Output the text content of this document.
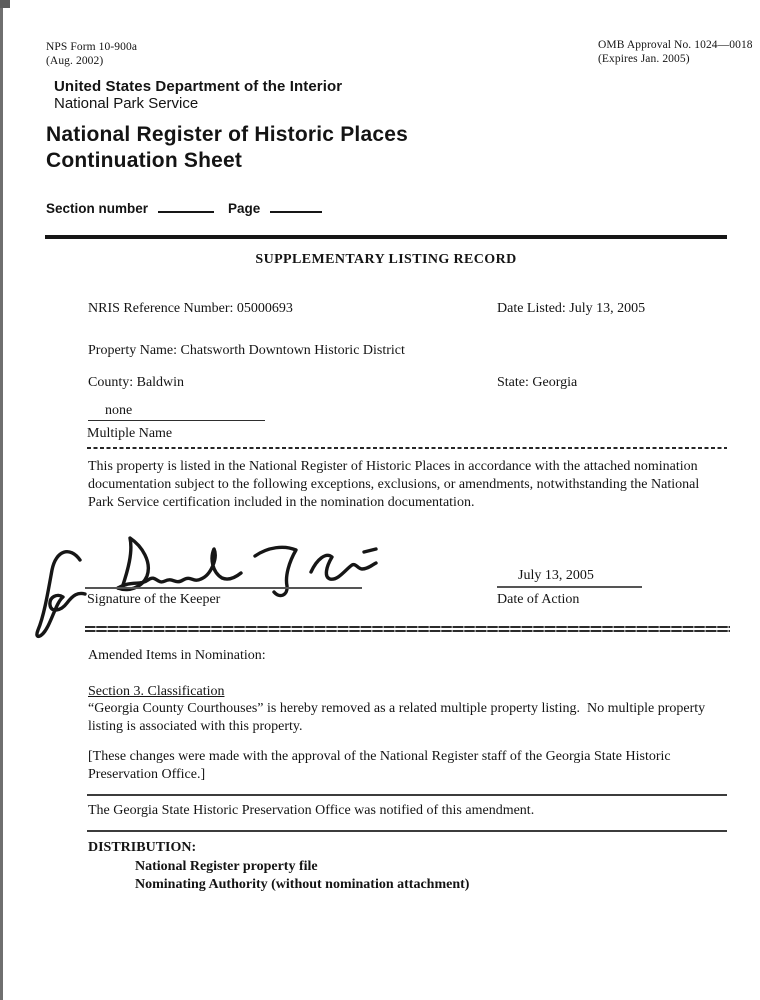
NPS Form 10-900a
(Aug. 2002)
OMB Approval No. 1024—0018
(Expires Jan. 2005)
United States Department of the Interior
National Park Service
National Register of Historic Places
Continuation Sheet
Section number	Page
SUPPLEMENTARY LISTING RECORD
NRIS Reference Number: 05000693	Date Listed: July 13, 2005
Property Name: Chatsworth Downtown Historic District
County: Baldwin	State: Georgia
none
Multiple Name
This property is listed in the National Register of Historic Places in accordance with the attached nomination documentation subject to the following exceptions, exclusions, or amendments, notwithstanding the National Park Service certification included in the nomination documentation.
Signature of the Keeper
July 13, 2005
Date of Action
Amended Items in Nomination:
Section 3. Classification
“Georgia County Courthouses” is hereby removed as a related multiple property listing.  No multiple property listing is associated with this property.
[These changes were made with the approval of the National Register staff of the Georgia State Historic Preservation Office.]
The Georgia State Historic Preservation Office was notified of this amendment.
DISTRIBUTION:
National Register property file
Nominating Authority (without nomination attachment)
